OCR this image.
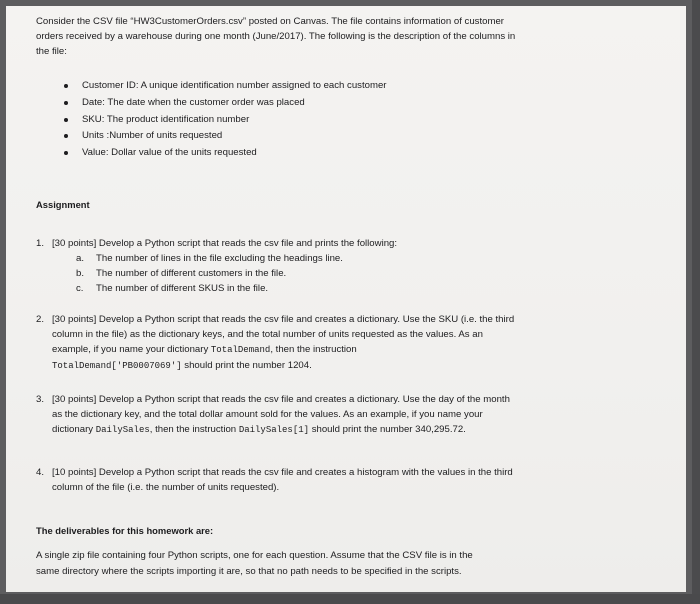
Consider the CSV file “HW3CustomerOrders.csv” posted on Canvas. The file contains information of customer
orders received by a warehouse during one month (June/2017). The following is the description of the columns in
the file:
Customer ID: A unique identification number assigned to each customer
Date: The date when the customer order was placed
SKU: The product identification number
Units :Number of units requested
Value: Dollar value of the units requested
Assignment
1. [30 points] Develop a Python script that reads the csv file and prints the following:
a. The number of lines in the file excluding the headings line.
b. The number of different customers in the file.
c. The number of different SKUS in the file.
2. [30 points] Develop a Python script that reads the csv file and creates a dictionary. Use the SKU (i.e. the third
column in the file) as the dictionary keys, and the total number of units requested as the values. As an
example, if you name your dictionary TotalDemand, then the instruction
TotalDemand['PB0007069'] should print the number 1204.
3. [30 points] Develop a Python script that reads the csv file and creates a dictionary. Use the day of the month
as the dictionary key, and the total dollar amount sold for the values. As an example, if you name your
dictionary DailySales, then the instruction DailySales[1] should print the number 340,295.72.
4. [10 points] Develop a Python script that reads the csv file and creates a histogram with the values in the third
column of the file (i.e. the number of units requested).
The deliverables for this homework are:
A single zip file containing four Python scripts, one for each question. Assume that the CSV file is in the
same directory where the scripts importing it are, so that no path needs to be specified in the scripts.
